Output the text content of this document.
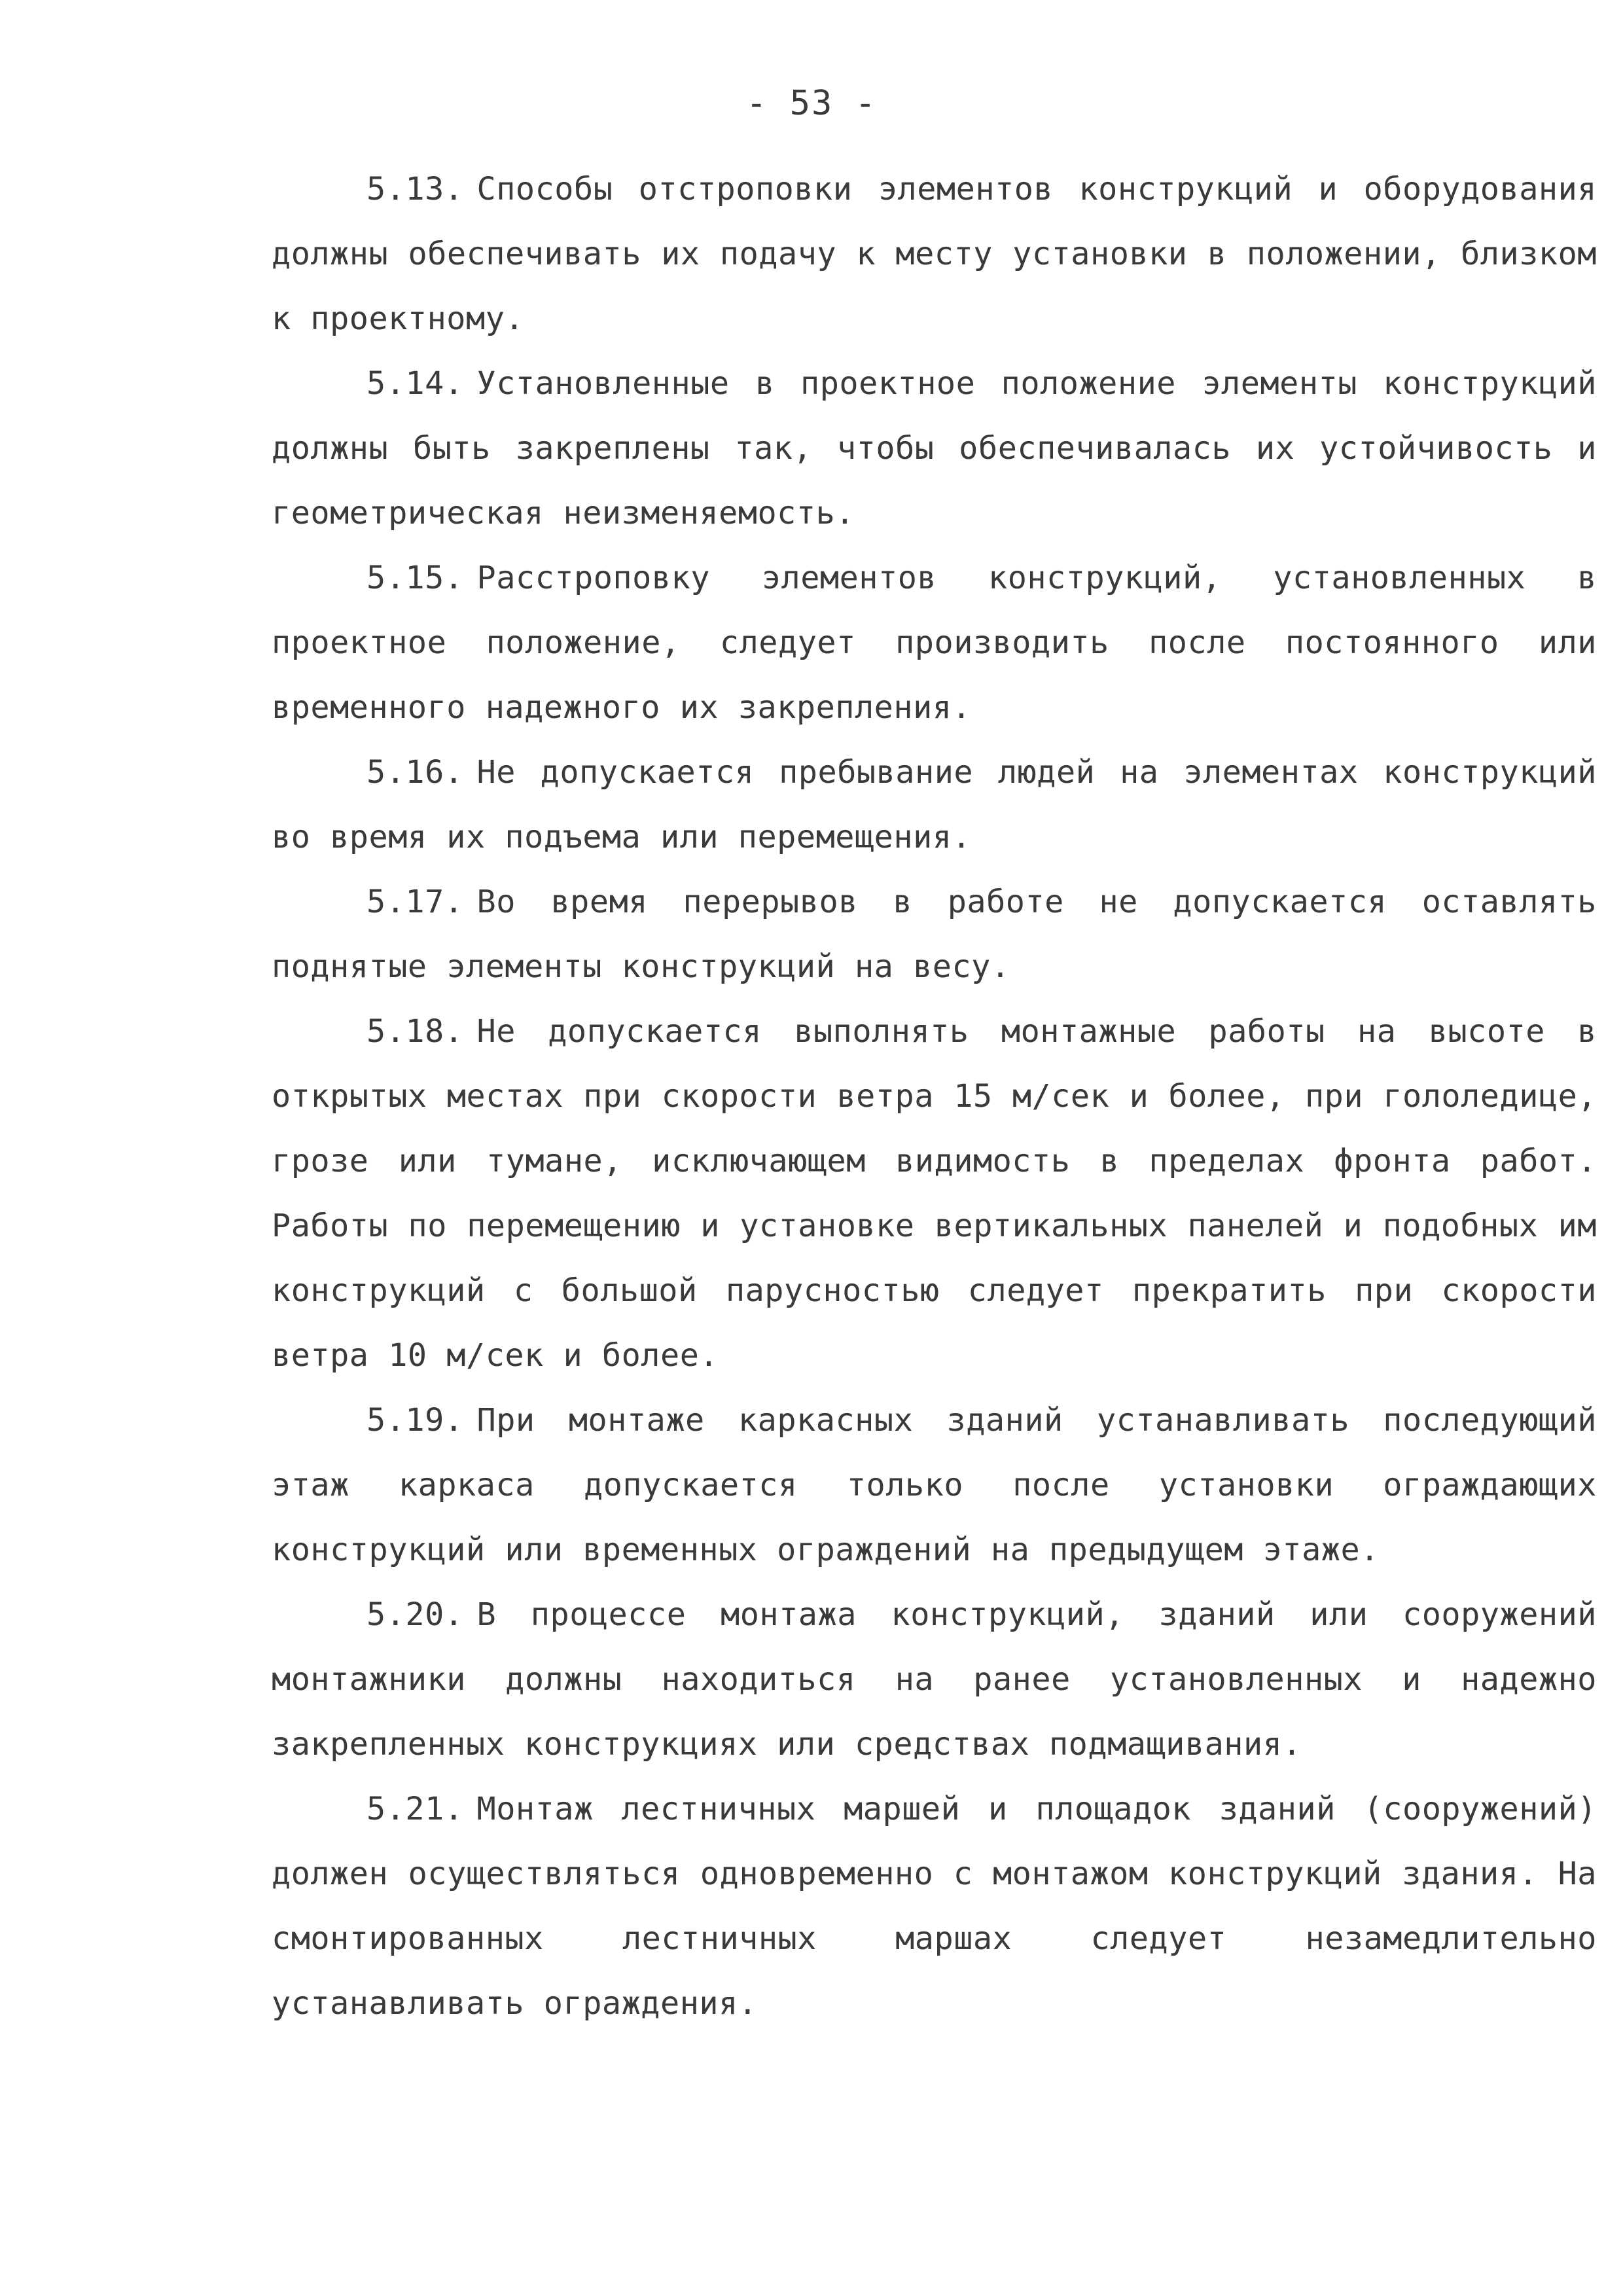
- 53 -

5.13. Способы отстроповки элементов конструкций и оборудования должны обеспечивать их подачу к месту установки в положении, близком к проектному.

5.14. Установленные в проектное положение элементы конструкций должны быть закреплены так, чтобы обеспечивалась их устойчивость и геометрическая неизменяемость.

5.15. Расстроповку элементов конструкций, установленных в проектное положение, следует производить после постоянного или временного надежного их закрепления.

5.16. Не допускается пребывание людей на элементах конструкций во время их подъема или перемещения.

5.17. Во время перерывов в работе не допускается оставлять поднятые элементы конструкций на весу.

5.18. Не допускается выполнять монтажные работы на высоте в открытых местах при скорости ветра 15 м/сек и более, при гололедице, грозе или тумане, исключающем видимость в пределах фронта работ. Работы по перемещению и установке вертикальных панелей и подобных им конструкций с большой парусностью следует прекратить при скорости ветра 10 м/сек и более.

5.19. При монтаже каркасных зданий устанавливать последующий этаж каркаса допускается только после установки ограждающих конструкций или временных ограждений на предыдущем этаже.

5.20. В процессе монтажа конструкций, зданий или сооружений монтажники должны находиться на ранее установленных и надежно закрепленных конструкциях или средствах подмащивания.

5.21. Монтаж лестничных маршей и площадок зданий (сооружений) должен осуществляться одновременно с монтажом конструкций здания. На смонтированных лестничных маршах следует незамедлительно устанавливать ограждения.
